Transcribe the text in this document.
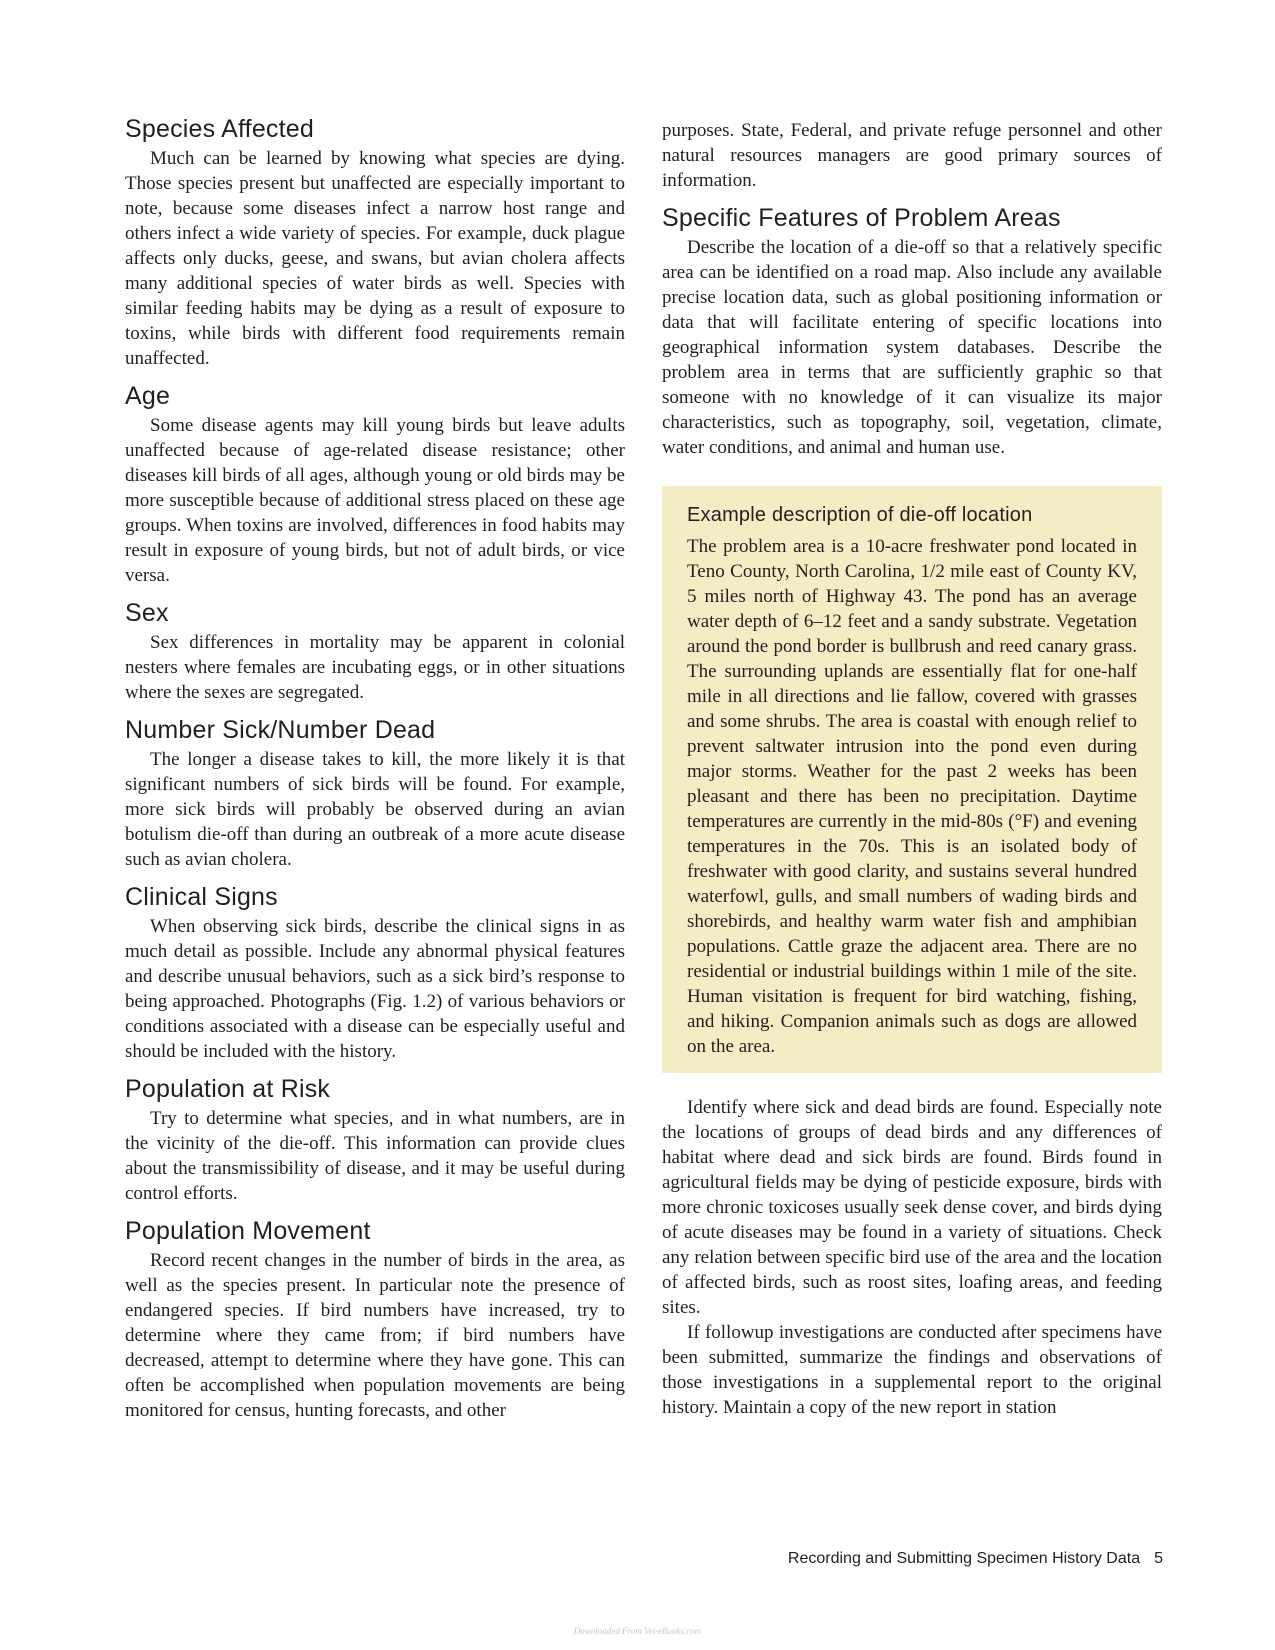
Species Affected

Much can be learned by knowing what species are dying. Those species present but unaffected are especially important to note, because some diseases infect a narrow host range and others infect a wide variety of species. For example, duck plague affects only ducks, geese, and swans, but avian cholera affects many additional species of water birds as well. Species with similar feeding habits may be dying as a result of exposure to toxins, while birds with different food requirements remain unaffected.

Age

Some disease agents may kill young birds but leave adults unaffected because of age-related disease resistance; other diseases kill birds of all ages, although young or old birds may be more susceptible because of additional stress placed on these age groups. When toxins are involved, differences in food habits may result in exposure of young birds, but not of adult birds, or vice versa.

Sex

Sex differences in mortality may be apparent in colonial nesters where females are incubating eggs, or in other situations where the sexes are segregated.

Number Sick/Number Dead

The longer a disease takes to kill, the more likely it is that significant numbers of sick birds will be found. For example, more sick birds will probably be observed during an avian botulism die-off than during an outbreak of a more acute disease such as avian cholera.

Clinical Signs

When observing sick birds, describe the clinical signs in as much detail as possible. Include any abnormal physical features and describe unusual behaviors, such as a sick bird’s response to being approached. Photographs (Fig. 1.2) of various behaviors or conditions associated with a disease can be especially useful and should be included with the history.

Population at Risk

Try to determine what species, and in what numbers, are in the vicinity of the die-off. This information can provide clues about the transmissibility of disease, and it may be useful during control efforts.

Population Movement

Record recent changes in the number of birds in the area, as well as the species present. In particular note the presence of endangered species. If bird numbers have increased, try to determine where they came from; if bird numbers have decreased, attempt to determine where they have gone. This can often be accomplished when population movements are being monitored for census, hunting forecasts, and other

purposes. State, Federal, and private refuge personnel and other natural resources managers are good primary sources of information.

Specific Features of Problem Areas

Describe the location of a die-off so that a relatively specific area can be identified on a road map. Also include any available precise location data, such as global positioning information or data that will facilitate entering of specific locations into geographical information system databases. Describe the problem area in terms that are sufficiently graphic so that someone with no knowledge of it can visualize its major characteristics, such as topography, soil, vegetation, climate, water conditions, and animal and human use.

Example description of die-off location

The problem area is a 10-acre freshwater pond located in Teno County, North Carolina, 1/2 mile east of County KV, 5 miles north of Highway 43. The pond has an average water depth of 6–12 feet and a sandy substrate. Vegetation around the pond border is bullbrush and reed canary grass. The surrounding uplands are essentially flat for one-half mile in all directions and lie fallow, covered with grasses and some shrubs. The area is coastal with enough relief to prevent saltwater intrusion into the pond even during major storms. Weather for the past 2 weeks has been pleasant and there has been no precipitation. Daytime temperatures are currently in the mid-80s (°F) and evening temperatures in the 70s. This is an isolated body of freshwater with good clarity, and sustains several hundred waterfowl, gulls, and small numbers of wading birds and shorebirds, and healthy warm water fish and amphibian populations. Cattle graze the adjacent area. There are no residential or industrial buildings within 1 mile of the site. Human visitation is frequent for bird watching, fishing, and hiking. Companion animals such as dogs are allowed on the area.

Identify where sick and dead birds are found. Especially note the locations of groups of dead birds and any differences of habitat where dead and sick birds are found. Birds found in agricultural fields may be dying of pesticide exposure, birds with more chronic toxicoses usually seek dense cover, and birds dying of acute diseases may be found in a variety of situations. Check any relation between specific bird use of the area and the location of affected birds, such as roost sites, loafing areas, and feeding sites.

If followup investigations are conducted after specimens have been submitted, summarize the findings and observations of those investigations in a supplemental report to the original history. Maintain a copy of the new report in station

Recording and Submitting Specimen History Data 5
Downloaded From Vet-eBooks.com
